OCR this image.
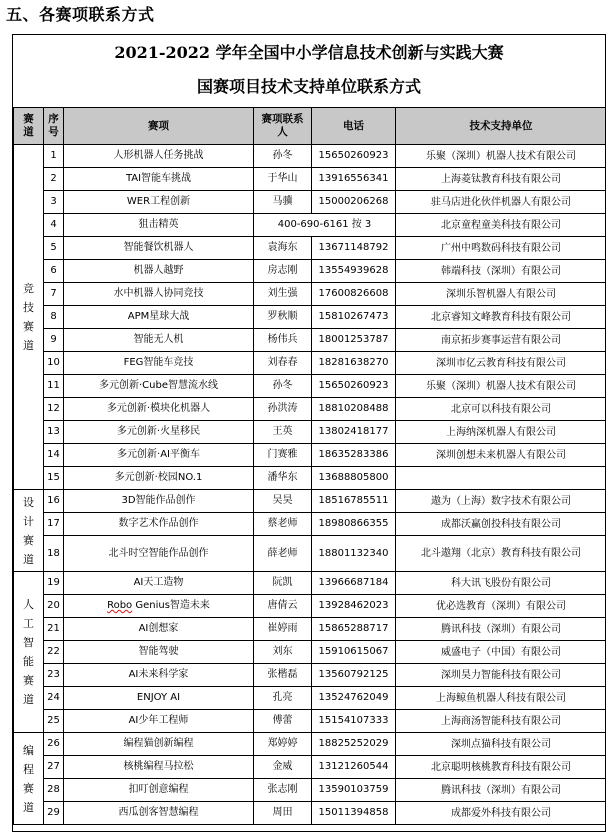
五、各赛项联系方式
2021-2022 学年全国中小学信息技术创新与实践大赛
国赛项目技术支持单位联系方式
赛道	序号	赛项	赛项联系人	电话	技术支持单位
竞技赛道	1	人形机器人任务挑战	孙冬	15650260923	乐聚（深圳）机器人技术有限公司
	2	TAI智能车挑战	于华山	13916556341	上海菱钛教育科技有限公司
	3	WER工程创新	马骥	15000206268	驻马店进化伙伴机器人有限公司
	4	狙击精英	400-690-6161 按 3		北京童程童美科技有限公司
	5	智能餐饮机器人	袁海东	13671148792	广州中鸣数码科技有限公司
	6	机器人越野	房志刚	13554939628	韩端科技（深圳）有限公司
	7	水中机器人协同竞技	刘生强	17600826608	深圳乐智机器人有限公司
	8	APM星球大战	罗秋顺	15810267473	北京睿知文峰教育科技有限公司
	9	智能无人机	杨伟兵	18001253787	南京拓步赛事运营有限公司
	10	FEG智能车竞技	刘春春	18281638270	深圳市亿云教育科技有限公司
	11	多元创新·Cube智慧流水线	孙冬	15650260923	乐聚（深圳）机器人技术有限公司
	12	多元创新·模块化机器人	孙洪涛	18810208488	北京可以科技有限公司
	13	多元创新·火星移民	王英	13802418177	上海纳深机器人有限公司
	14	多元创新·AI平衡车	门赛雅	18635283386	深圳创想未来机器人有限公司
	15	多元创新·校园NO.1	潘华东	13688805800	
设计赛道	16	3D智能作品创作	吴昊	18516785511	遨为（上海）数字技术有限公司
	17	数字艺术作品创作	蔡老师	18980866355	成都沃赢创投科技有限公司
	18	北斗时空智能作品创作	薛老师	18801132340	北斗遨翔（北京）教育科技有限公司
人工智能赛道	19	AI天工造物	阮凯	13966687184	科大讯飞股份有限公司
	20	Robo Genius智造未来	唐倩云	13928462023	优必选教育（深圳）有限公司
	21	AI创想家	崔婷雨	15865288717	腾讯科技（深圳）有限公司
	22	智能驾驶	刘东	15910615067	威盛电子（中国）有限公司
	23	AI未来科学家	张楷磊	13560792125	深圳昊力智能科技有限公司
	24	ENJOY AI	孔亮	13524762049	上海鲸鱼机器人科技有限公司
	25	AI少年工程师	傅蕾	15154107333	上海商汤智能科技有限公司
编程赛道	26	编程猫创新编程	郑婷婷	18825252029	深圳点猫科技有限公司
	27	核桃编程马拉松	金威	13121260544	北京聪明核桃教育科技有限公司
	28	扣叮创意编程	张志刚	13590103759	腾讯科技（深圳）有限公司
	29	西瓜创客智慧编程	周田	15011394858	成都爱外科技有限公司
